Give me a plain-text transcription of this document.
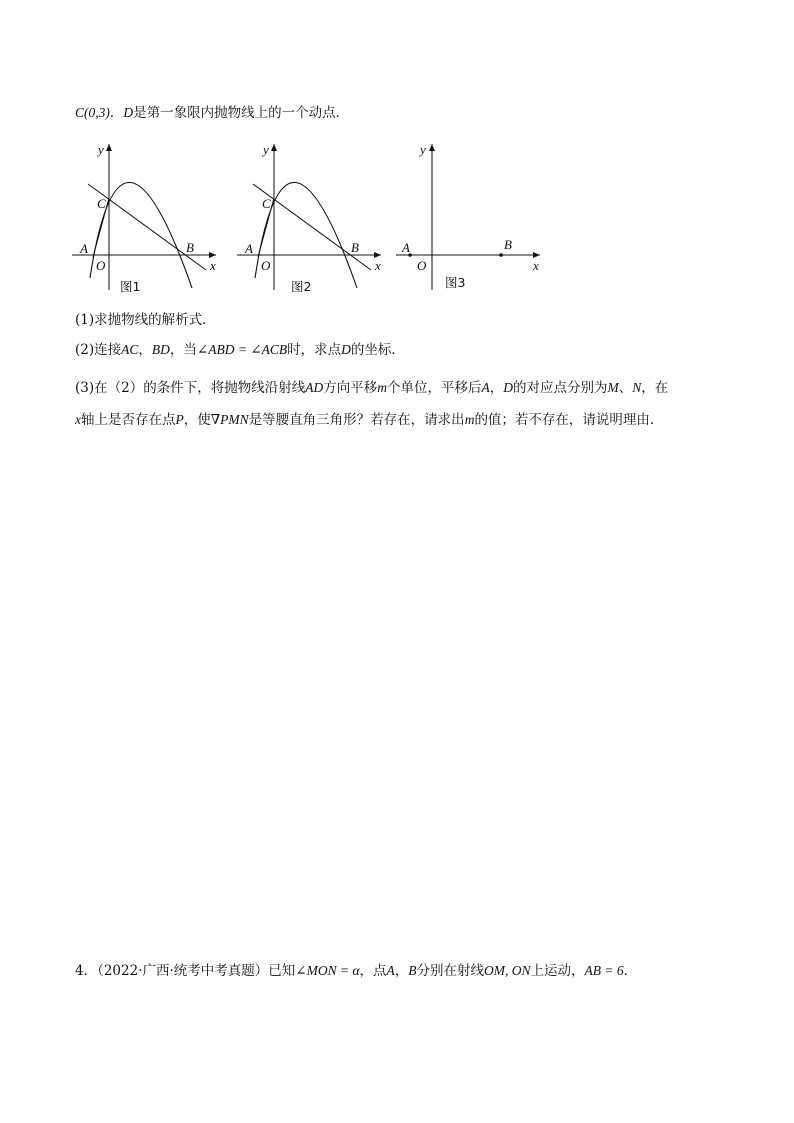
C(0,3)．D是第一象限内抛物线上的一个动点．
y
x
O
A	B
C
图1
y
x
O
A	B
C
图2
y
x
O
A	B
图3
(1)求抛物线的解析式．
(2)连接AC，BD，当∠ABD = ∠ACB时，求点D的坐标．
(3)在（2）的条件下，将抛物线沿射线AD方向平移m个单位，平移后A，D的对应点分别为M、N，在
x轴上是否存在点P，使∇PMN是等腰直角三角形？若存在，请求出m的值；若不存在，请说明理由．
4．（2022·广西·统考中考真题）已知∠MON = α，点A，B分别在射线OM, ON上运动，AB = 6．
